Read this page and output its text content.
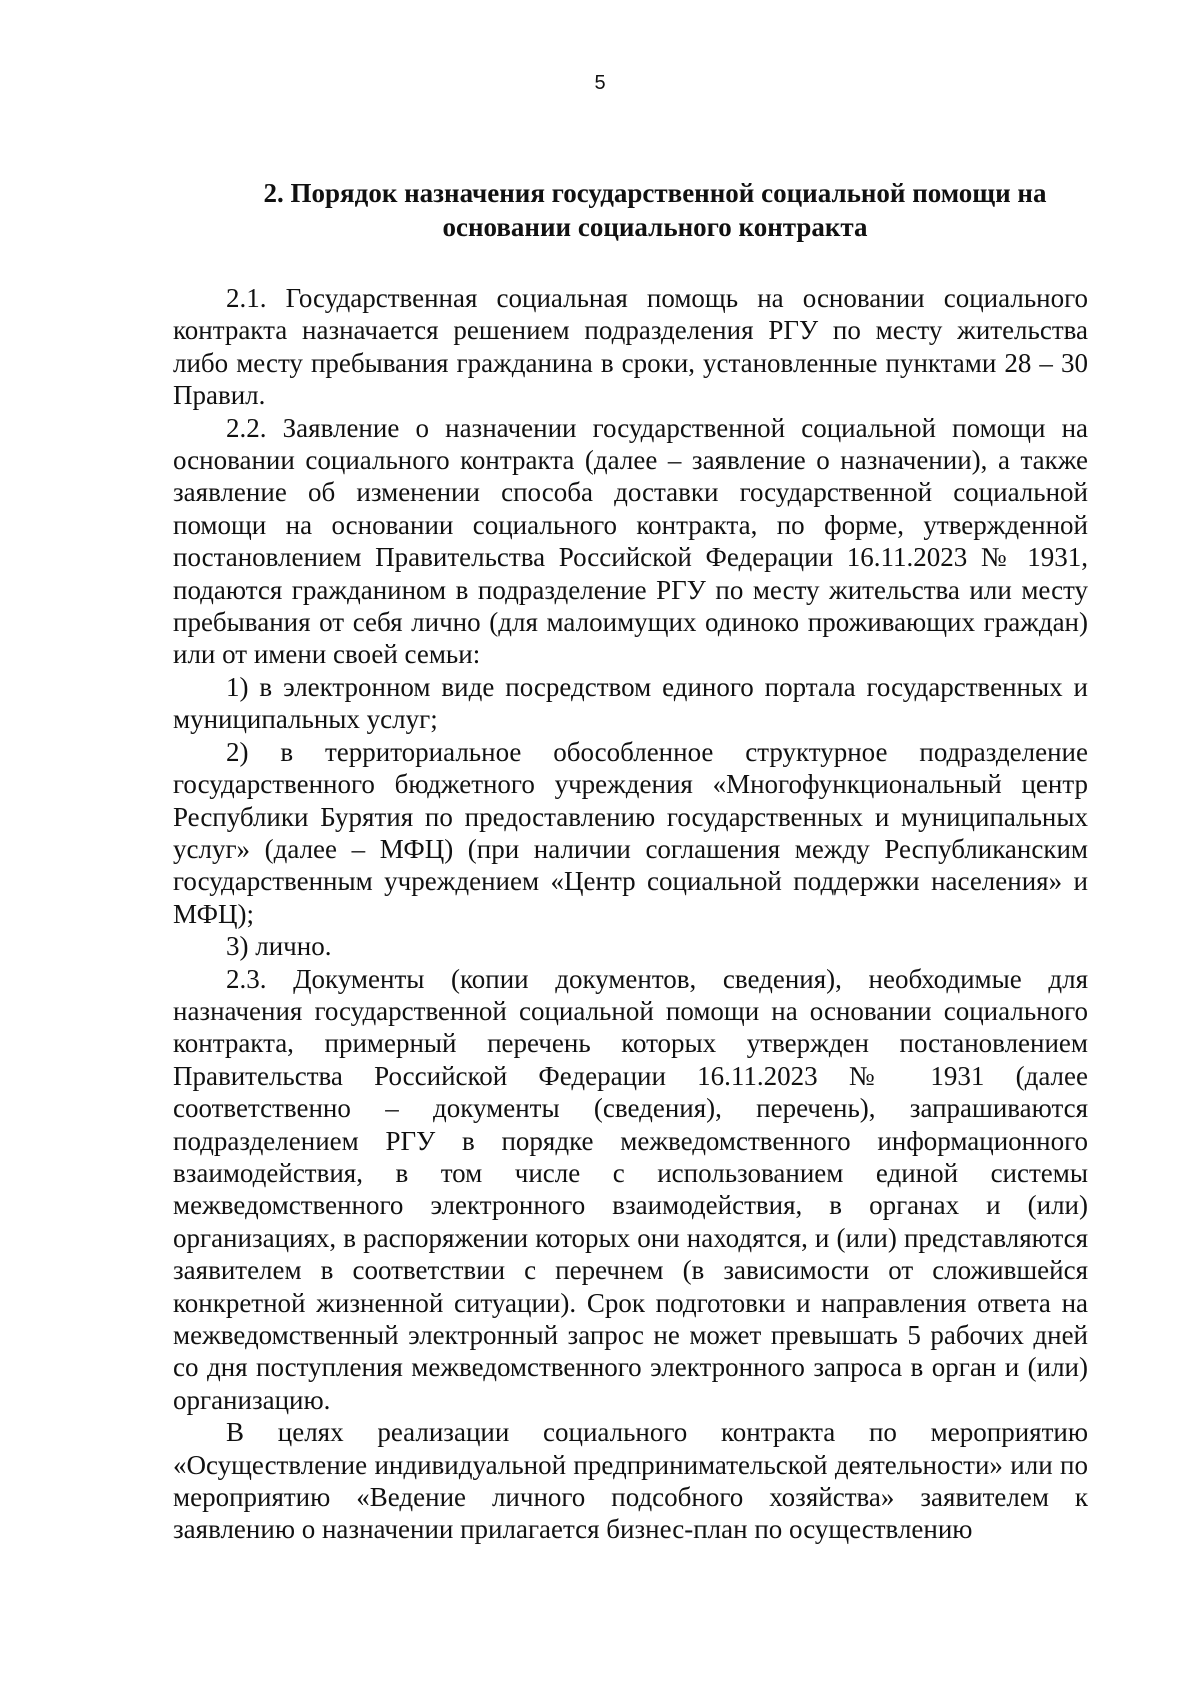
5
2. Порядок назначения государственной социальной помощи на
основании социального контракта

2.1. Государственная социальная помощь на основании социального контракта назначается решением подразделения РГУ по месту жительства либо месту пребывания гражданина в сроки, установленные пунктами 28 – 30 Правил.

2.2. Заявление о назначении государственной социальной помощи на основании социального контракта (далее – заявление о назначении), а также заявление об изменении способа доставки государственной социальной помощи на основании социального контракта, по форме, утвержденной постановлением Правительства Российской Федерации 16.11.2023 № 1931, подаются гражданином в подразделение РГУ по месту жительства или месту пребывания от себя лично (для малоимущих одиноко проживающих граждан) или от имени своей семьи:

1) в электронном виде посредством единого портала государственных и муниципальных услуг;

2) в территориальное обособленное структурное подразделение государственного бюджетного учреждения «Многофункциональный центр Республики Бурятия по предоставлению государственных и муниципальных услуг» (далее – МФЦ) (при наличии соглашения между Республиканским государственным учреждением «Центр социальной поддержки населения» и МФЦ);

3) лично.

2.3. Документы (копии документов, сведения), необходимые для назначения государственной социальной помощи на основании социального контракта, примерный перечень которых утвержден постановлением Правительства Российской Федерации 16.11.2023 № 1931 (далее соответственно – документы (сведения), перечень), запрашиваются подразделением РГУ в порядке межведомственного информационного взаимодействия, в том числе с использованием единой системы межведомственного электронного взаимодействия, в органах и (или) организациях, в распоряжении которых они находятся, и (или) представляются заявителем в соответствии с перечнем (в зависимости от сложившейся конкретной жизненной ситуации). Срок подготовки и направления ответа на межведомственный электронный запрос не может превышать 5 рабочих дней со дня поступления межведомственного электронного запроса в орган и (или) организацию.

В целях реализации социального контракта по мероприятию «Осуществление индивидуальной предпринимательской деятельности» или по мероприятию «Ведение личного подсобного хозяйства» заявителем к заявлению о назначении прилагается бизнес-план по осуществлению
